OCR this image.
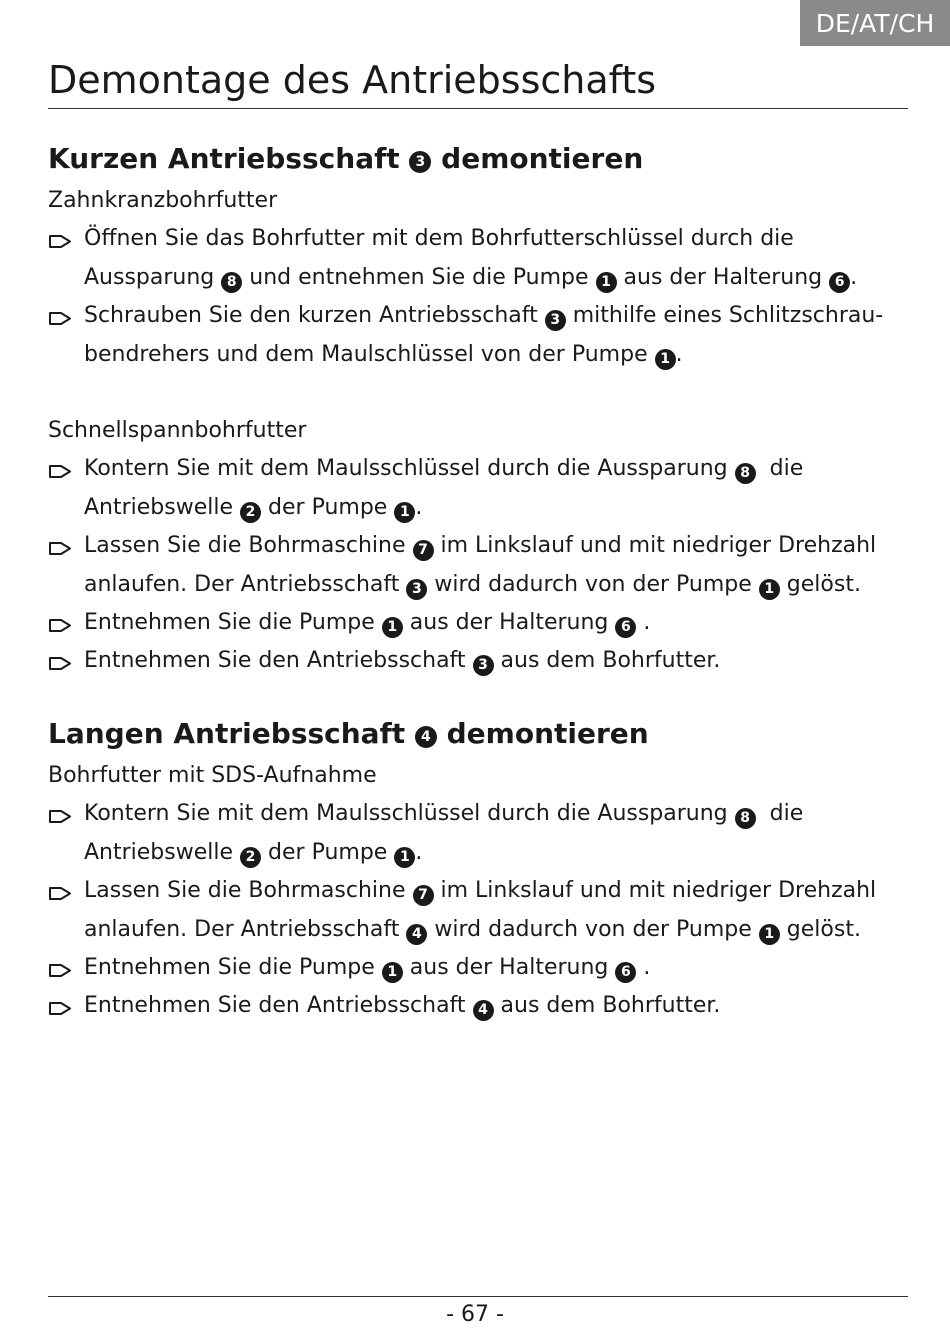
DE/AT/CH
Demontage des Antriebsschafts
Kurzen Antriebsschaft 3 demontieren
Zahnkranzbohrfutter
Öffnen Sie das Bohrfutter mit dem Bohrfutterschlüssel durch die
Aussparung 8 und entnehmen Sie die Pumpe 1 aus der Halterung 6 .
Schrauben Sie den kurzen Antriebsschaft 3 mithilfe eines Schlitzschrau-
bendrehers und dem Maulschlüssel von der Pumpe 1 .
Schnellspannbohrfutter
Kontern Sie mit dem Maulsschlüssel durch die Aussparung 8 die
Antriebswelle 2 der Pumpe 1 .
Lassen Sie die Bohrmaschine 7 im Linkslauf und mit niedriger Drehzahl
anlaufen. Der Antriebsschaft 3 wird dadurch von der Pumpe 1 gelöst.
Entnehmen Sie die Pumpe 1 aus der Halterung 6 .
Entnehmen Sie den Antriebsschaft 3 aus dem Bohrfutter.
Langen Antriebsschaft 4 demontieren
Bohrfutter mit SDS-Aufnahme
Kontern Sie mit dem Maulsschlüssel durch die Aussparung 8 die
Antriebswelle 2 der Pumpe 1 .
Lassen Sie die Bohrmaschine 7 im Linkslauf und mit niedriger Drehzahl
anlaufen. Der Antriebsschaft 4 wird dadurch von der Pumpe 1 gelöst.
Entnehmen Sie die Pumpe 1 aus der Halterung 6 .
Entnehmen Sie den Antriebsschaft 4 aus dem Bohrfutter.
- 67 -
